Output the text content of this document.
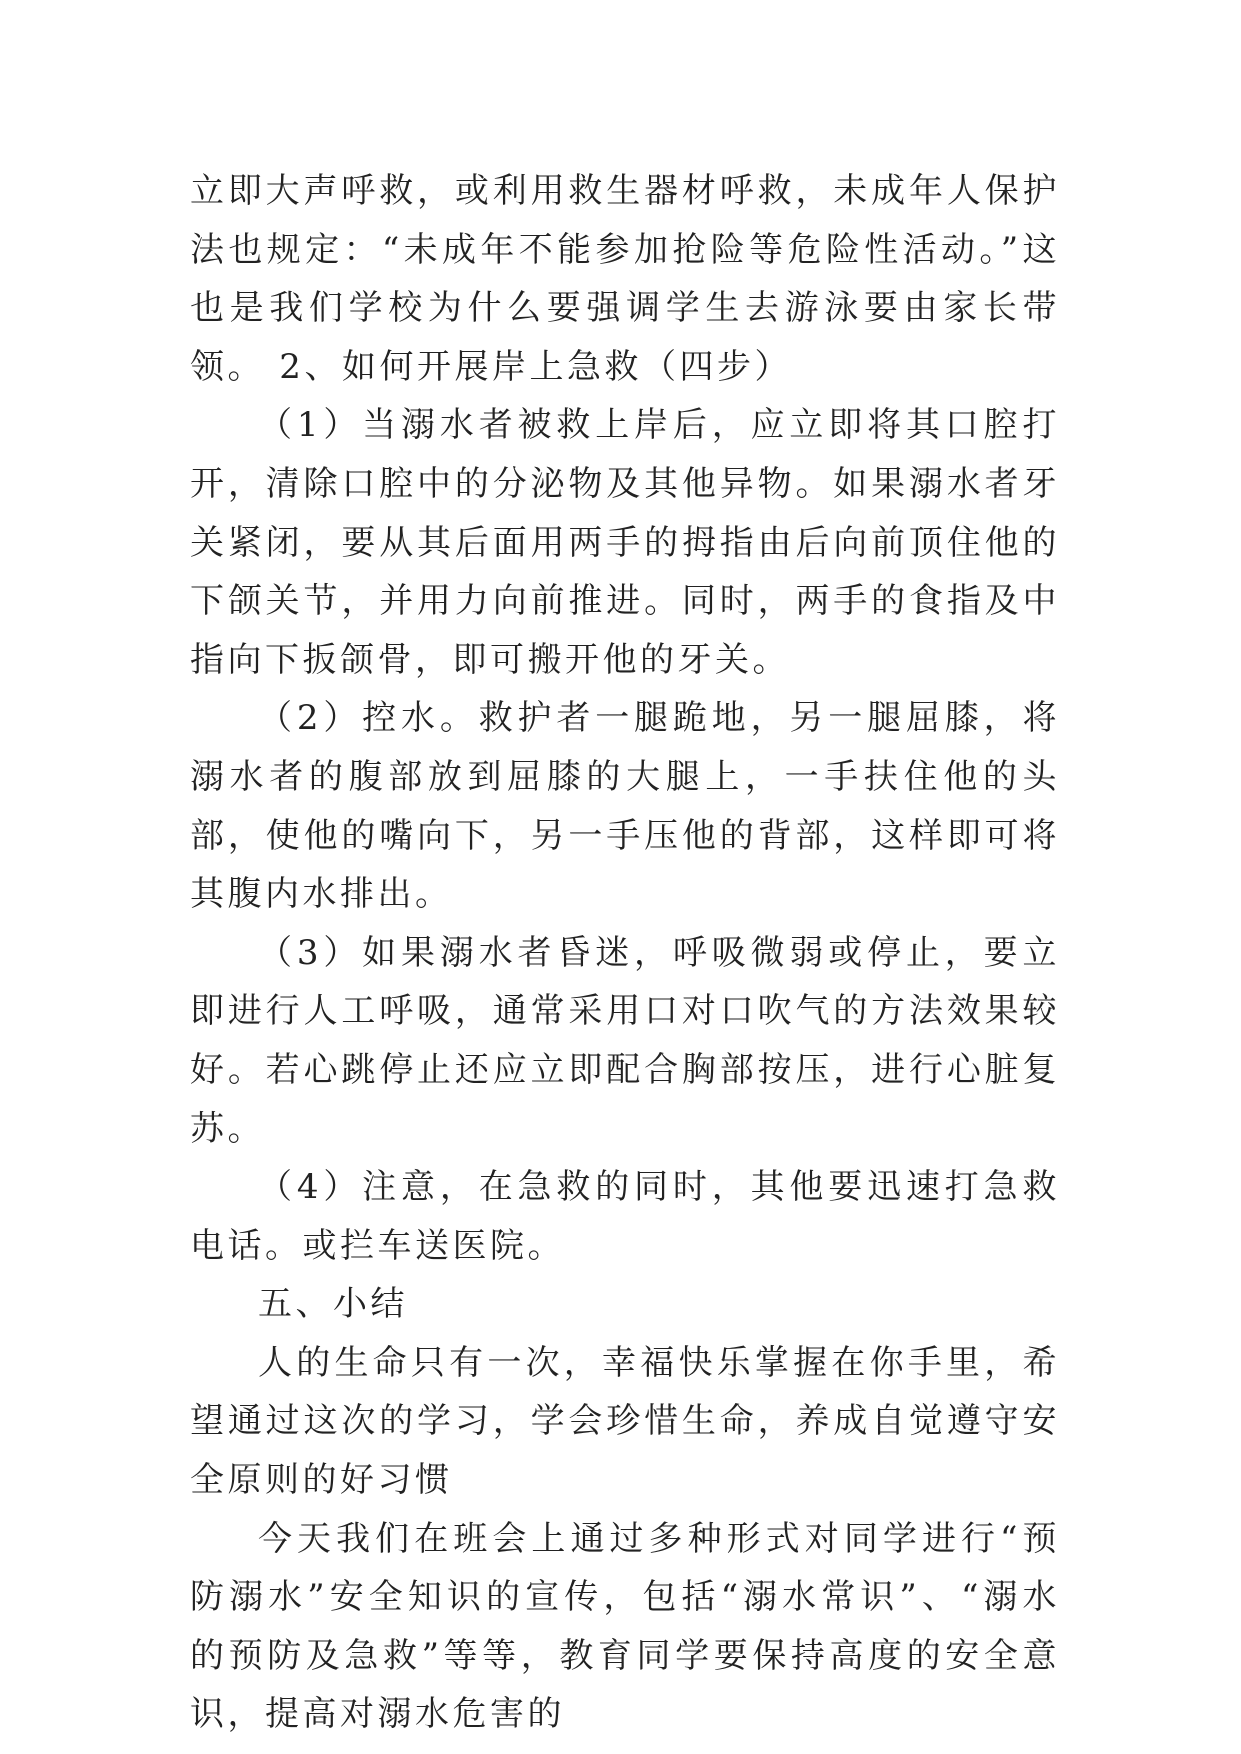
立即大声呼救，或利用救生器材呼救，未成年人保护法也规定：“未成年不能参加抢险等危险性活动。”这也是我们学校为什么要强调学生去游泳要由家长带领。 2、如何开展岸上急救（四步）

（1）当溺水者被救上岸后，应立即将其口腔打开，清除口腔中的分泌物及其他异物。如果溺水者牙关紧闭，要从其后面用两手的拇指由后向前顶住他的下颌关节，并用力向前推进。同时，两手的食指及中指向下扳颌骨，即可搬开他的牙关。

（2）控水。救护者一腿跪地，另一腿屈膝，将溺水者的腹部放到屈膝的大腿上，一手扶住他的头部，使他的嘴向下，另一手压他的背部，这样即可将其腹内水排出。

（3）如果溺水者昏迷，呼吸微弱或停止，要立即进行人工呼吸，通常采用口对口吹气的方法效果较好。若心跳停止还应立即配合胸部按压，进行心脏复苏。

（4）注意，在急救的同时，其他要迅速打急救电话。或拦车送医院。

五、小结

人的生命只有一次，幸福快乐掌握在你手里，希望通过这次的学习，学会珍惜生命，养成自觉遵守安全原则的好习惯

今天我们在班会上通过多种形式对同学进行“预防溺水”安全知识的宣传，包括“溺水常识”、“溺水的预防及急救”等等，教育同学要保持高度的安全意识，提高对溺水危害的
